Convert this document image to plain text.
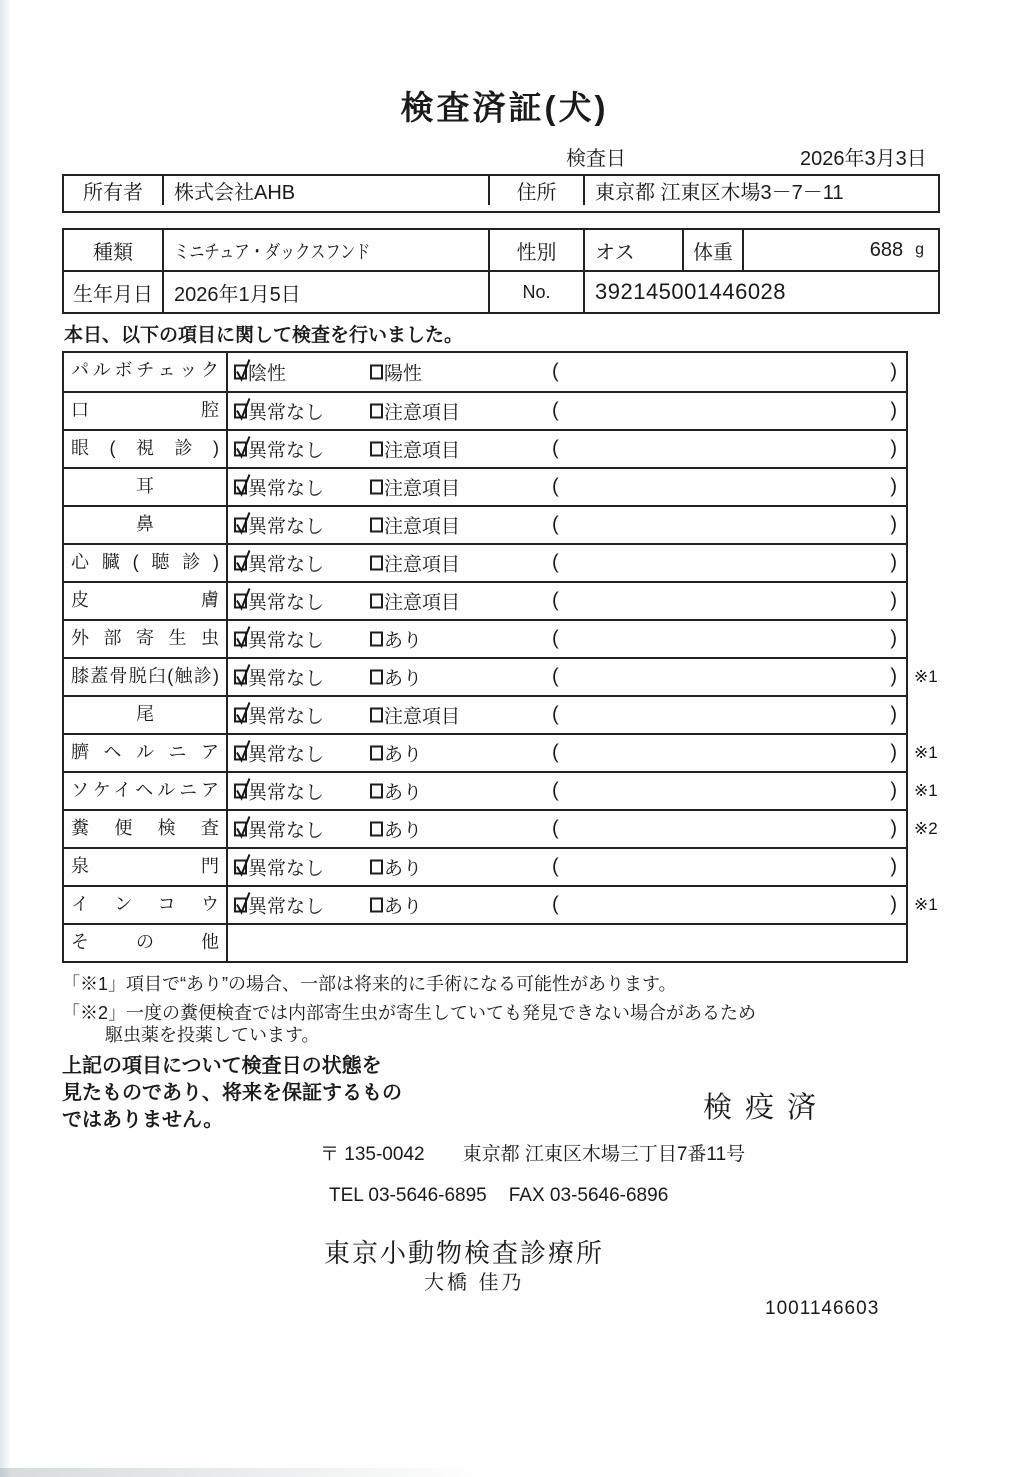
検査済証(犬)
検査日	2026年3月3日
所有者	株式会社AHB	住所	東京都 江東区木場3－7－11
種類	ミニチュア・ダックスフンド	性別	オス	体重	688 g
生年月日	2026年1月5日	No.	392145001446028
本日、以下の項目に関して検査を行いました。
パルボチェック	陰性	陽性	(	)
口腔	異常なし	注意項目	(	)
眼(視診)	異常なし	注意項目	(	)
耳	異常なし	注意項目	(	)
鼻	異常なし	注意項目	(	)
心臓(聴診)	異常なし	注意項目	(	)
皮膚	異常なし	注意項目	(	)
外部寄生虫	異常なし	あり	(	)
膝蓋骨脱臼(触診)	異常なし	あり	(	) ※1
尾	異常なし	注意項目	(	)
臍ヘルニア	異常なし	あり	(	) ※1
ソケイヘルニア	異常なし	あり	(	) ※1
糞便検査	異常なし	あり	(	) ※2
泉門	異常なし	あり	(	)
インコウ	異常なし	あり	(	) ※1
その他
「※1」項目で“あり”の場合、一部は将来的に手術になる可能性があります。
「※2」一度の糞便検査では内部寄生虫が寄生していても発見できない場合があるため
駆虫薬を投薬しています。
上記の項目について検査日の状態を
見たものであり、将来を保証するもの
ではありません。	検疫済
〒 135-0042 東京都 江東区木場三丁目7番11号
TEL 03-5646-6895 FAX 03-5646-6896
東京小動物検査診療所
大橋 佳乃
1001146603
